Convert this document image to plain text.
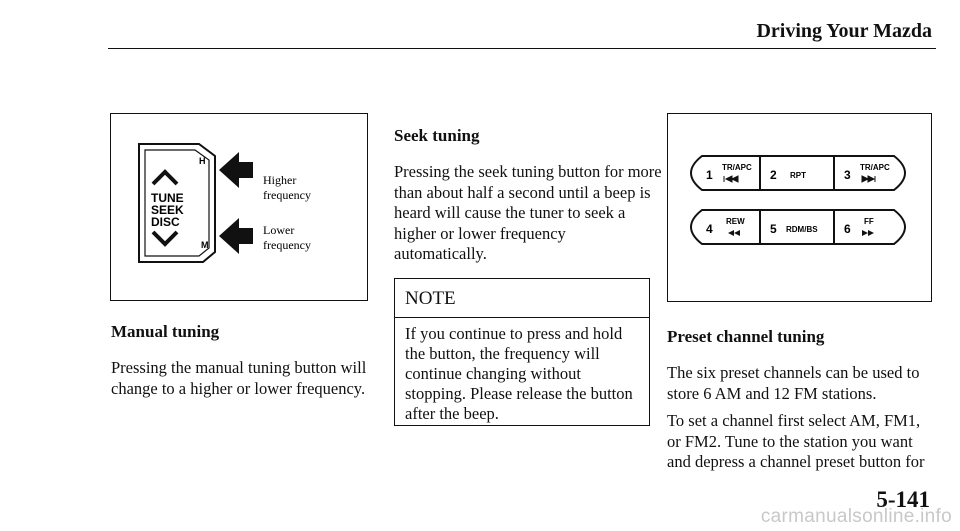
Driving Your Mazda
H
M
TUNE
SEEK
DISC
Higher
frequency
Lower
frequency
Seek tuning
Pressing the seek tuning button for more than about half a second until a beep is heard will cause the tuner to seek a higher or lower frequency automatically.
NOTE
If you continue to press and hold the button, the frequency will continue changing without stopping. Please release the button after the beep.
Manual tuning
Pressing the manual tuning button will change to a higher or lower frequency.
1
TR/APC
2 RPT	3
TR/APC
4
REW
5 RDM/BS 6
FF
Preset channel tuning
The six preset channels can be used to store 6 AM and 12 FM stations.
To set a channel first select AM, FM1, or FM2. Tune to the station you want and depress a channel preset button for
5-141
carmanualsonline.info
